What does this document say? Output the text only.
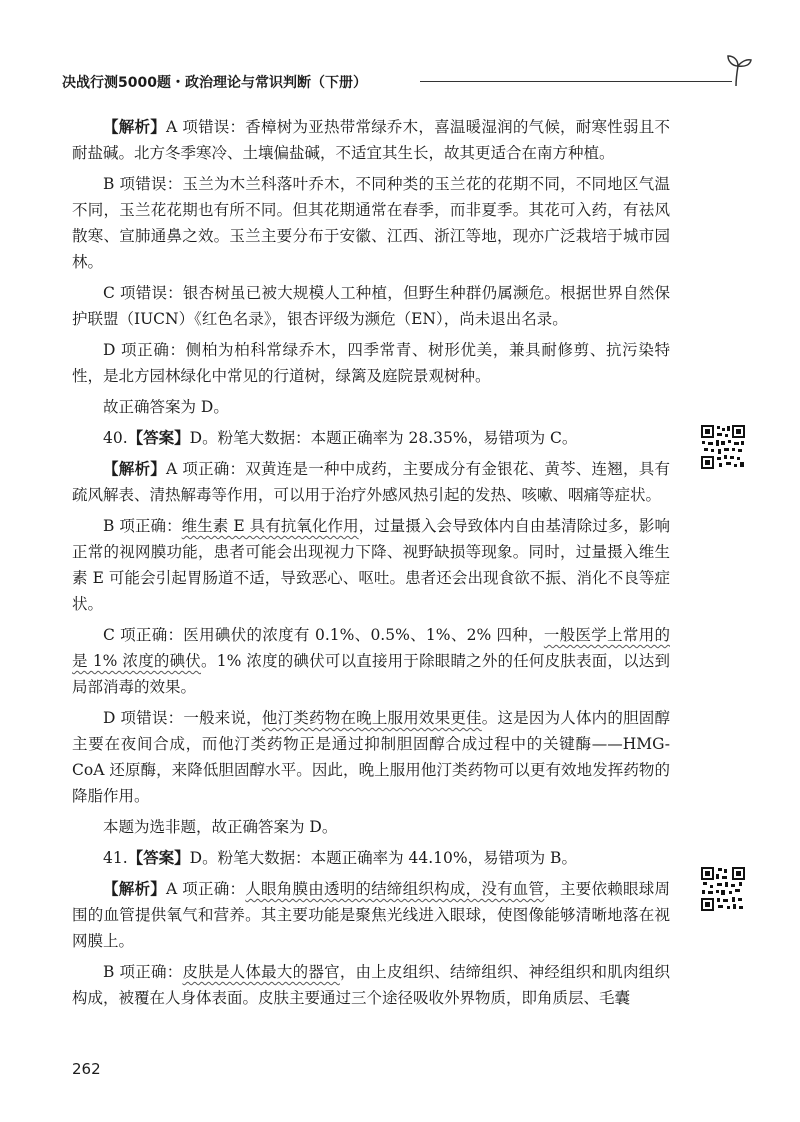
决战行测5000题・政治理论与常识判断（下册）

【解析】A 项错误：香樟树为亚热带常绿乔木，喜温暖湿润的气候，耐寒性弱且不耐盐碱。北方冬季寒冷、土壤偏盐碱，不适宜其生长，故其更适合在南方种植。

B 项错误：玉兰为木兰科落叶乔木，不同种类的玉兰花的花期不同，不同地区气温不同，玉兰花花期也有所不同。但其花期通常在春季，而非夏季。其花可入药，有祛风散寒、宣肺通鼻之效。玉兰主要分布于安徽、江西、浙江等地，现亦广泛栽培于城市园林。

C 项错误：银杏树虽已被大规模人工种植，但野生种群仍属濒危。根据世界自然保护联盟（IUCN）《红色名录》，银杏评级为濒危（EN），尚未退出名录。

D 项正确：侧柏为柏科常绿乔木，四季常青、树形优美，兼具耐修剪、抗污染特性，是北方园林绿化中常见的行道树，绿篱及庭院景观树种。

故正确答案为 D。

40.【答案】D。粉笔大数据：本题正确率为 28.35%，易错项为 C。

【解析】A 项正确：双黄连是一种中成药，主要成分有金银花、黄芩、连翘，具有疏风解表、清热解毒等作用，可以用于治疗外感风热引起的发热、咳嗽、咽痛等症状。

B 项正确：维生素 E 具有抗氧化作用，过量摄入会导致体内自由基清除过多，影响正常的视网膜功能，患者可能会出现视力下降、视野缺损等现象。同时，过量摄入维生素 E 可能会引起胃肠道不适，导致恶心、呕吐。患者还会出现食欲不振、消化不良等症状。

C 项正确：医用碘伏的浓度有 0.1%、0.5%、1%、2% 四种，一般医学上常用的是 1% 浓度的碘伏。1% 浓度的碘伏可以直接用于除眼睛之外的任何皮肤表面，以达到局部消毒的效果。

D 项错误：一般来说，他汀类药物在晚上服用效果更佳。这是因为人体内的胆固醇主要在夜间合成，而他汀类药物正是通过抑制胆固醇合成过程中的关键酶——HMG-CoA 还原酶，来降低胆固醇水平。因此，晚上服用他汀类药物可以更有效地发挥药物的降脂作用。

本题为选非题，故正确答案为 D。

41.【答案】D。粉笔大数据：本题正确率为 44.10%，易错项为 B。

【解析】A 项正确：人眼角膜由透明的结缔组织构成，没有血管，主要依赖眼球周围的血管提供氧气和营养。其主要功能是聚焦光线进入眼球，使图像能够清晰地落在视网膜上。

B 项正确：皮肤是人体最大的器官，由上皮组织、结缔组织、神经组织和肌肉组织构成，被覆在人身体表面。皮肤主要通过三个途径吸收外界物质，即角质层、毛囊

262
